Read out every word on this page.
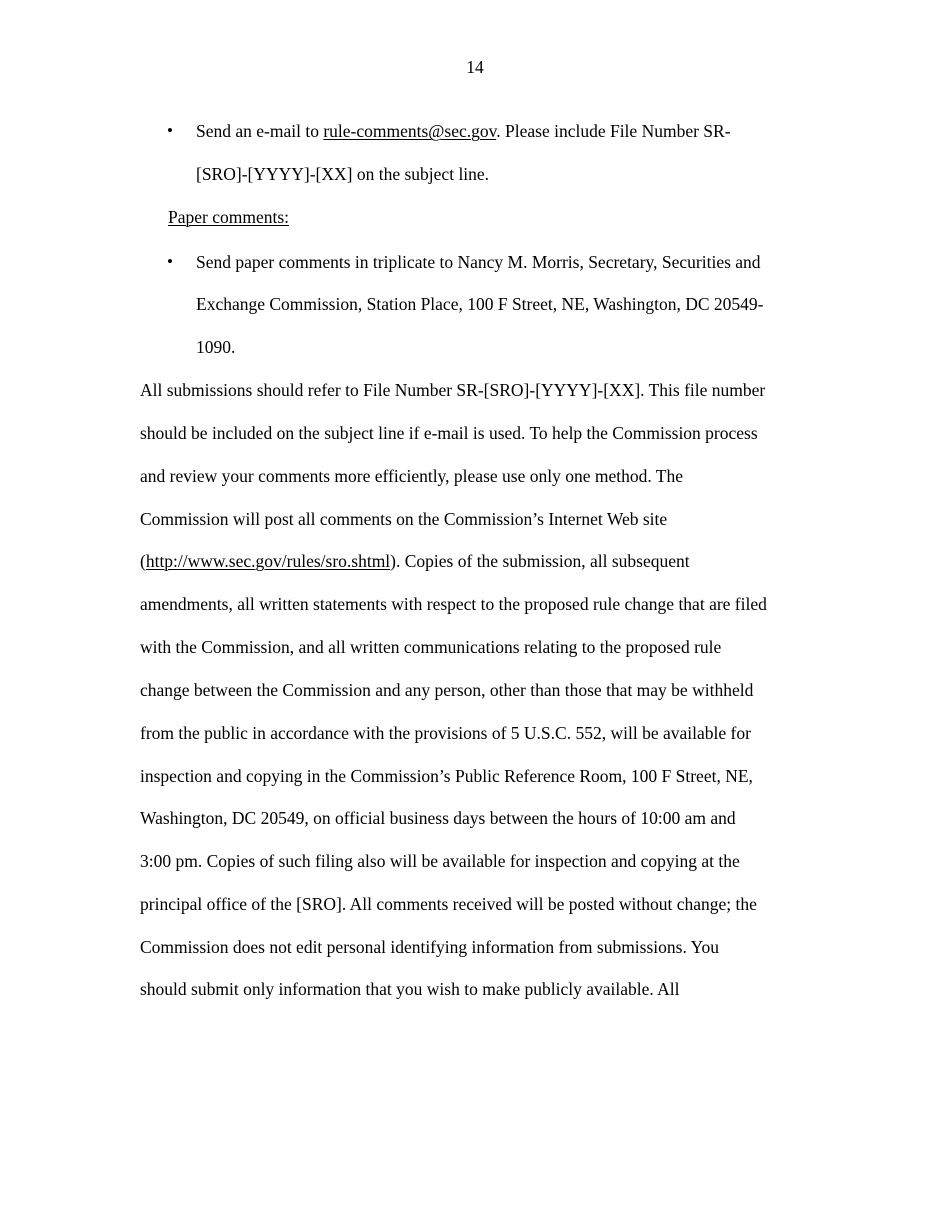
14
• Send an e-mail to rule-comments@sec.gov. Please include File Number SR-
[SRO]-[YYYY]-[XX] on the subject line.
Paper comments:
• Send paper comments in triplicate to Nancy M. Morris, Secretary, Securities and
Exchange Commission, Station Place, 100 F Street, NE, Washington, DC 20549-
1090.
All submissions should refer to File Number SR-[SRO]-[YYYY]-[XX]. This file number
should be included on the subject line if e-mail is used. To help the Commission process
and review your comments more efficiently, please use only one method. The
Commission will post all comments on the Commission’s Internet Web site
(http://www.sec.gov/rules/sro.shtml). Copies of the submission, all subsequent
amendments, all written statements with respect to the proposed rule change that are filed
with the Commission, and all written communications relating to the proposed rule
change between the Commission and any person, other than those that may be withheld
from the public in accordance with the provisions of 5 U.S.C. 552, will be available for
inspection and copying in the Commission’s Public Reference Room, 100 F Street, NE,
Washington, DC 20549, on official business days between the hours of 10:00 am and
3:00 pm. Copies of such filing also will be available for inspection and copying at the
principal office of the [SRO]. All comments received will be posted without change; the
Commission does not edit personal identifying information from submissions. You
should submit only information that you wish to make publicly available. All
